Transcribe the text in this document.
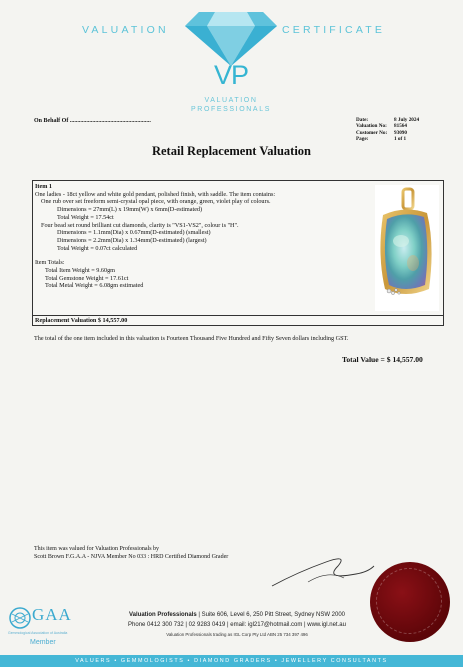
VALUATION	CERTIFICATE
VP
VALUATION
PROFESSIONALS
On Behalf Of ......................................................	Date:	8 July 2024
Valuation No:	81564
Customer No:	93090
Page:	1 of 1
Retail Replacement Valuation
Item 1
One ladies - 18ct yellow and white gold pendant, polished finish, with saddle. The item contains:
One rub over set freeform semi-crystal opal piece, with orange, green, violet play of colours.
Dimensions = 27mm(L) x 19mm(W) x 6mm(D-estimated)
Total Weight = 17.54ct
Four bead set round brilliant cut diamonds, clarity is "VS1-VS2", colour is "H".
Dimensions = 1.1mm(Dia) x 0.67mm(D-estimated) (smallest)
Dimensions = 2.2mm(Dia) x 1.34mm(D-estimated) (largest)
Total Weight = 0.07ct calculated
Item Totals:
Total Item Weight = 9.60gm
Total Gemstone Weight = 17.61ct
Total Metal Weight = 6.08gm estimated
Replacement Valuation $ 14,557.00
The total of the one item included in this valuation is Fourteen Thousand Five Hundred and Fifty Seven dollars including GST.
Total Value = $ 14,557.00
This item was valued for Valuation Professionals by
Scott Brown F.G.A.A - NJVA Member No 033 : HRD Certified Diamond Grader
GAA
Gemmological Association of Australia
Member
Valuation Professionals | Suite 606, Level 6, 250 Pitt Street, Sydney NSW 2000
Phone 0412 300 732 | 02 9283 0419 | email: igl217@hotmail.com | www.igl.net.au
Valuation Professionals trading as IGL Corp Pty Ltd ABN 25 734 397 496
VALUERS • GEMMOLOGISTS • DIAMOND GRADERS • JEWELLERY CONSULTANTS
